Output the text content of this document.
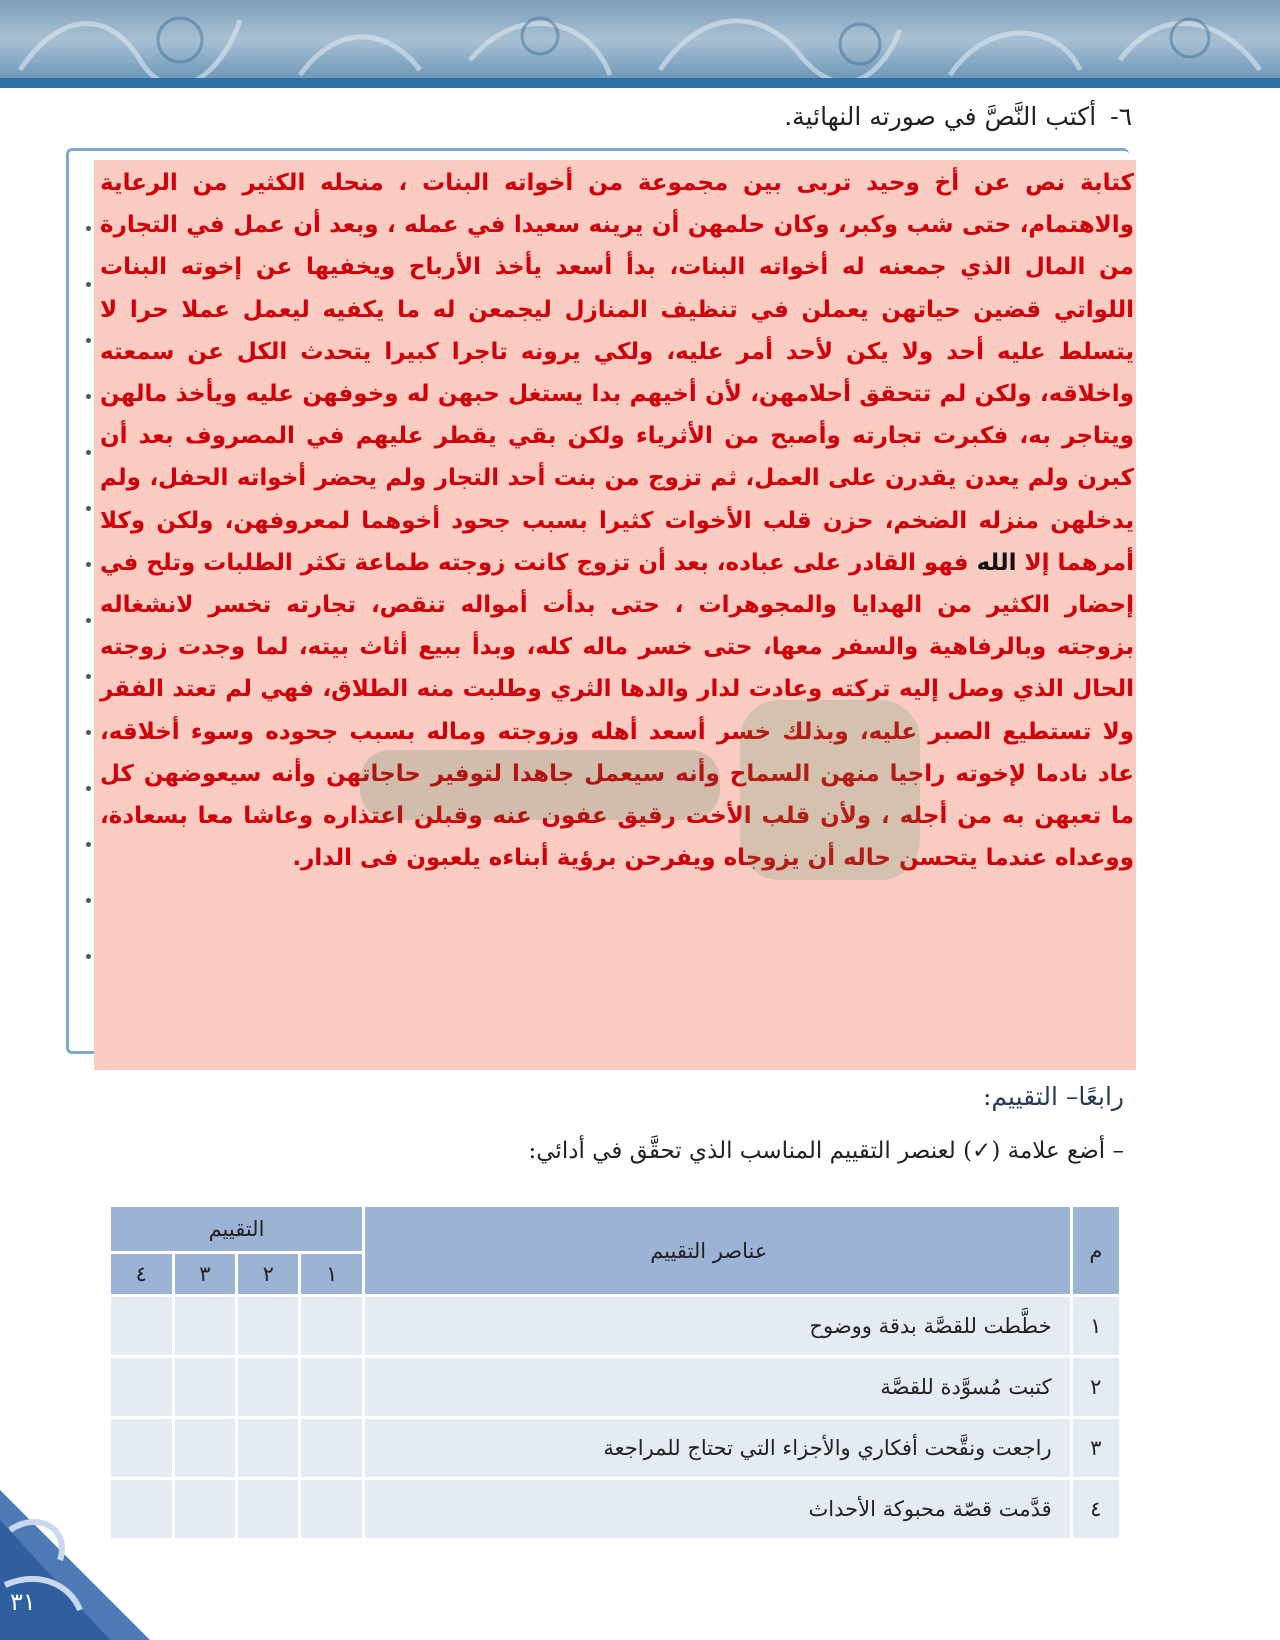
٦- أكتب النَّصَّ في صورته النهائية.

كتابة نص عن أخ وحيد تربى بين مجموعة من أخواته البنات ، منحله الكثير من الرعاية والاهتمام، حتى شب وكبر، وكان حلمهن أن يرينه سعيدا في عمله ، وبعد أن عمل في التجارة من المال الذي جمعنه له أخواته البنات، بدأ أسعد يأخذ الأرباح ويخفيها عن إخوته البنات اللواتي قضين حياتهن يعملن في تنظيف المنازل ليجمعن له ما يكفيه ليعمل عملا حرا لا يتسلط عليه أحد ولا يكن لأحد أمر عليه، ولكي يرونه تاجرا كبيرا يتحدث الكل عن سمعته واخلاقه، ولكن لم تتحقق أحلامهن، لأن أخيهم بدا يستغل حبهن له وخوفهن عليه ويأخذ مالهن ويتاجر به، فكبرت تجارته وأصبح من الأثرياء ولكن بقي يقطر عليهم في المصروف بعد أن كبرن ولم يعدن يقدرن على العمل، ثم تزوج من بنت أحد التجار ولم يحضر أخواته الحفل، ولم يدخلهن منزله الضخم، حزن قلب الأخوات كثيرا بسبب جحود أخوهما لمعروفهن، ولكن وكلا أمرهما إلا الله فهو القادر على عباده، بعد أن تزوج كانت زوجته طماعة تكثر الطلبات وتلح في إحضار الكثير من الهدايا والمجوهرات ، حتى بدأت أمواله تنقص، تجارته تخسر لانشغاله بزوجته وبالرفاهية والسفر معها، حتى خسر ماله كله، وبدأ ببيع أثاث بيته، لما وجدت زوجته الحال الذي وصل إليه تركته وعادت لدار والدها الثري وطلبت منه الطلاق، فهي لم تعتد الفقر ولا تستطيع الصبر عليه، وبذلك خسر أسعد أهله وزوجته وماله بسبب جحوده وسوء أخلاقه، عاد نادما لإخوته راجيا منهن السماح وأنه سيعمل جاهدا لتوفير حاجاتهن وأنه سيعوضهن كل ما تعبهن به من أجله ، ولأن قلب الأخت رقيق عفون عنه وقبلن اعتذاره وعاشا معا بسعادة، ووعداه عندما يتحسن حاله أن يزوجاه ويفرحن برؤية أبناءه يلعبون فى الدار.

رابعًا– التقييم:
– أضع علامة (✓) لعنصر التقييم المناسب الذي تحقَّق في أدائي:
م	عناصر التقييم	التقييم			
		١	٢	٣	٤
١	خطَّطت للقصَّة بدقة ووضوح				
٢	كتبت مُسوَّدة للقصَّة				
٣	راجعت ونقَّحت أفكاري والأجزاء التي تحتاج للمراجعة				
٤	قدَّمت قصّة محبوكة الأحداث				
٣١
